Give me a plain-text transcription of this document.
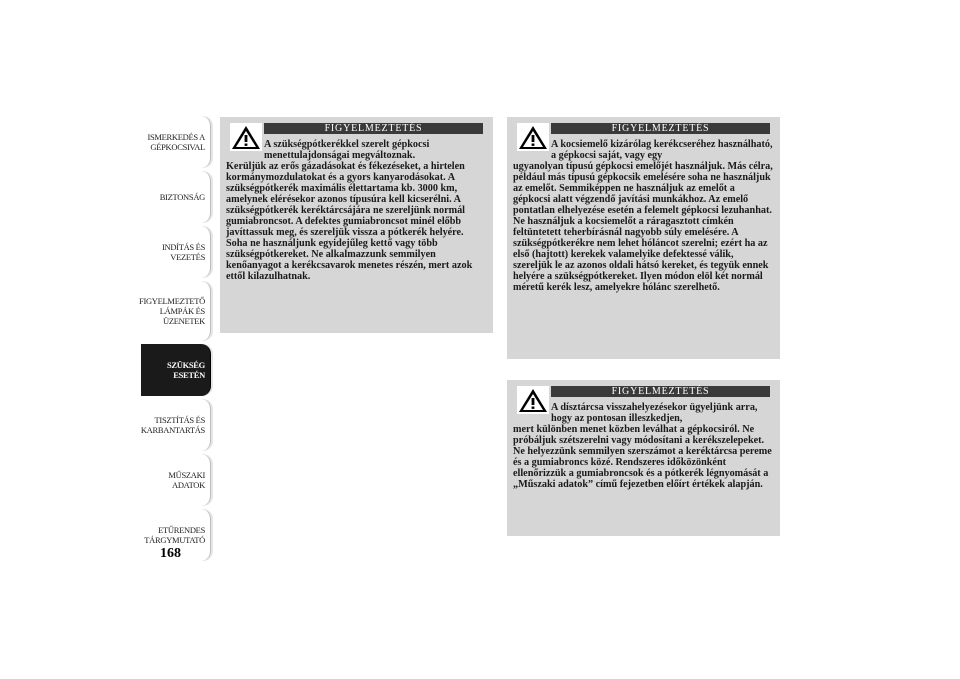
ISMERKEDÉS A
GÉPKOCSIVAL
BIZTONSÁG
INDÍTÁS ÉS
VEZETÉS
FIGYELMEZTETŐ
LÁMPÁK ÉS
ÜZENETEK
SZÜKSÉG ESETÉN
TISZTÍTÁS ÉS
KARBANTARTÁS
MŰSZAKI ADATOK
ETŰRENDES
TÁRGYMUTATÓ
168
FIGYELMEZTETÉS

A szükségpótkerékkel szerelt gépkocsi menettulajdonságai megváltoznak.

Kerüljük az erős gázadásokat és fékezéseket, a hirtelen kormánymozdulatokat és a gyors kanyarodásokat. A szükségpótkerék maximális élettartama kb. 3000 km, amelynek elérésekor azonos típusúra kell kicserélni. A szükségpótkerék keréktárcsájára ne szereljünk normál gumiabroncsot. A defektes gumiabroncsot minél előbb javíttassuk meg, és szereljük vissza a pótkerék helyére. Soha ne használjunk egyidejűleg kettő vagy több szükségpótkereket. Ne alkalmazzunk semmilyen kenőanyagot a kerékcsavarok menetes részén, mert azok ettől kilazulhatnak.

FIGYELMEZTETÉS

A kocsiemelő kizárólag kerékcseréhez használható, a gépkocsi saját, vagy egy

ugyanolyan típusú gépkocsi emelőjét használjuk. Más célra, például más típusú gépkocsik emelésére soha ne használjuk az emelőt. Semmiképpen ne használjuk az emelőt a gépkocsi alatt végzendő javítási munkákhoz. Az emelő pontatlan elhelyezése esetén a felemelt gépkocsi lezuhanhat. Ne használjuk a kocsiemelőt a ráragasztott címkén feltüntetett teherbírásnál nagyobb súly emelésére. A szükségpótkerékre nem lehet hóláncot szerelni; ezért ha az első (hajtott) kerekek valamelyike defektessé válik, szereljük le az azonos oldali hátsó kereket, és tegyük ennek helyére a szükségpótkereket. Ilyen módon elöl két normál méretű kerék lesz, amelyekre hólánc szerelhető.

FIGYELMEZTETÉS

A dísztárcsa visszahelyezésekor ügyeljünk arra, hogy az pontosan illeszkedjen,

mert különben menet közben leválhat a gépkocsiról. Ne próbáljuk szétszerelni vagy módosítani a kerékszelepeket. Ne helyezzünk semmilyen szerszámot a keréktárcsa pereme és a gumiabroncs közé. Rendszeres időközönként ellenőrizzük a gumiabroncsok és a pótkerék légnyomását a „Műszaki adatok” című fejezetben előírt értékek alapján.
